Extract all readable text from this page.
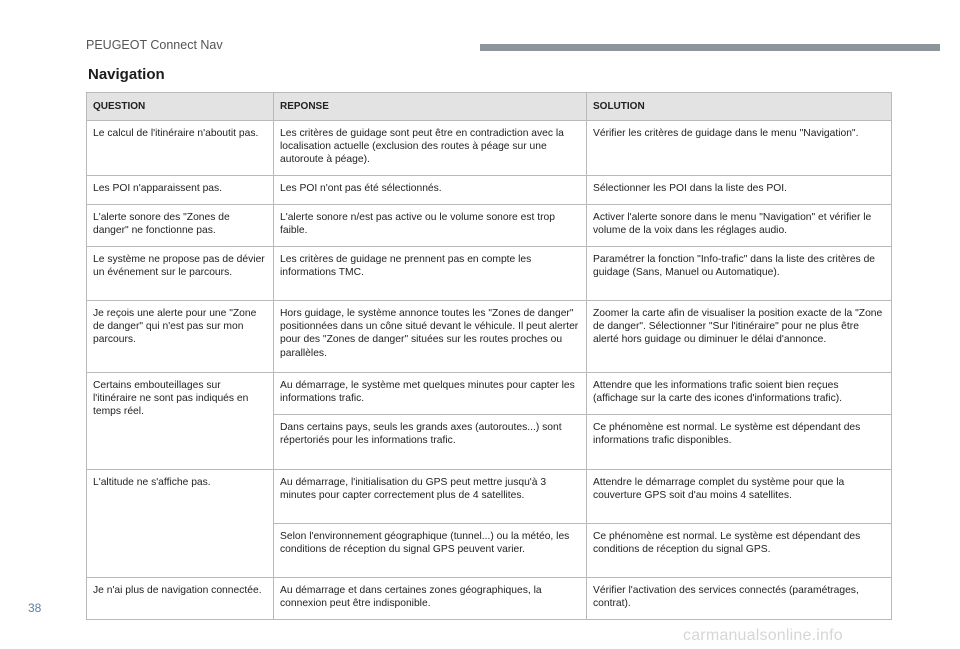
PEUGEOT Connect Nav
Navigation
QUESTION	REPONSE	SOLUTION
Le calcul de l'itinéraire n'aboutit pas.	Les critères de guidage sont peut être en contradiction avec la localisation actuelle (exclusion des routes à péage sur une autoroute à péage).	Vérifier les critères de guidage dans le menu "Navigation".
Les POI n'apparaissent pas.	Les POI n'ont pas été sélectionnés.	Sélectionner les POI dans la liste des POI.
L'alerte sonore des "Zones de danger" ne fonctionne pas.	L'alerte sonore n/est pas active ou le volume sonore est trop faible.	Activer l'alerte sonore dans le menu "Navigation" et vérifier le volume de la voix dans les réglages audio.
Le système ne propose pas de dévier un événement sur le parcours.	Les critères de guidage ne prennent pas en compte les informations TMC.	Paramétrer la fonction "Info-trafic" dans la liste des critères de guidage (Sans, Manuel ou Automatique).
Je reçois une alerte pour une "Zone de danger" qui n'est pas sur mon parcours.	Hors guidage, le système annonce toutes les "Zones de danger" positionnées dans un cône situé devant le véhicule. Il peut alerter pour des "Zones de danger" situées sur les routes proches ou parallèles.	Zoomer la carte afin de visualiser la position exacte de la "Zone de danger". Sélectionner "Sur l'itinéraire" pour ne plus être alerté hors guidage ou diminuer le délai d'annonce.
Certains embouteillages sur l'itinéraire ne sont pas indiqués en temps réel.	Au démarrage, le système met quelques minutes pour capter les informations trafic.	Attendre que les informations trafic soient bien reçues (affichage sur la carte des icones d'informations trafic).
	Dans certains pays, seuls les grands axes (autoroutes...) sont répertoriés pour les informations trafic.	Ce phénomène est normal. Le système est dépendant des informations trafic disponibles.
L'altitude ne s'affiche pas.	Au démarrage, l'initialisation du GPS peut mettre jusqu'à 3 minutes pour capter correctement plus de 4 satellites.	Attendre le démarrage complet du système pour que la couverture GPS soit d'au moins 4 satellites.
	Selon l'environnement géographique (tunnel...) ou la météo, les conditions de réception du signal GPS peuvent varier.	Ce phénomène est normal. Le système est dépendant des conditions de réception du signal GPS.
Je n'ai plus de navigation connectée.	Au démarrage et dans certaines zones géographiques, la connexion peut être indisponible.	Vérifier l'activation des services connectés (paramétrages, contrat).
38
carmanualsonline.info
